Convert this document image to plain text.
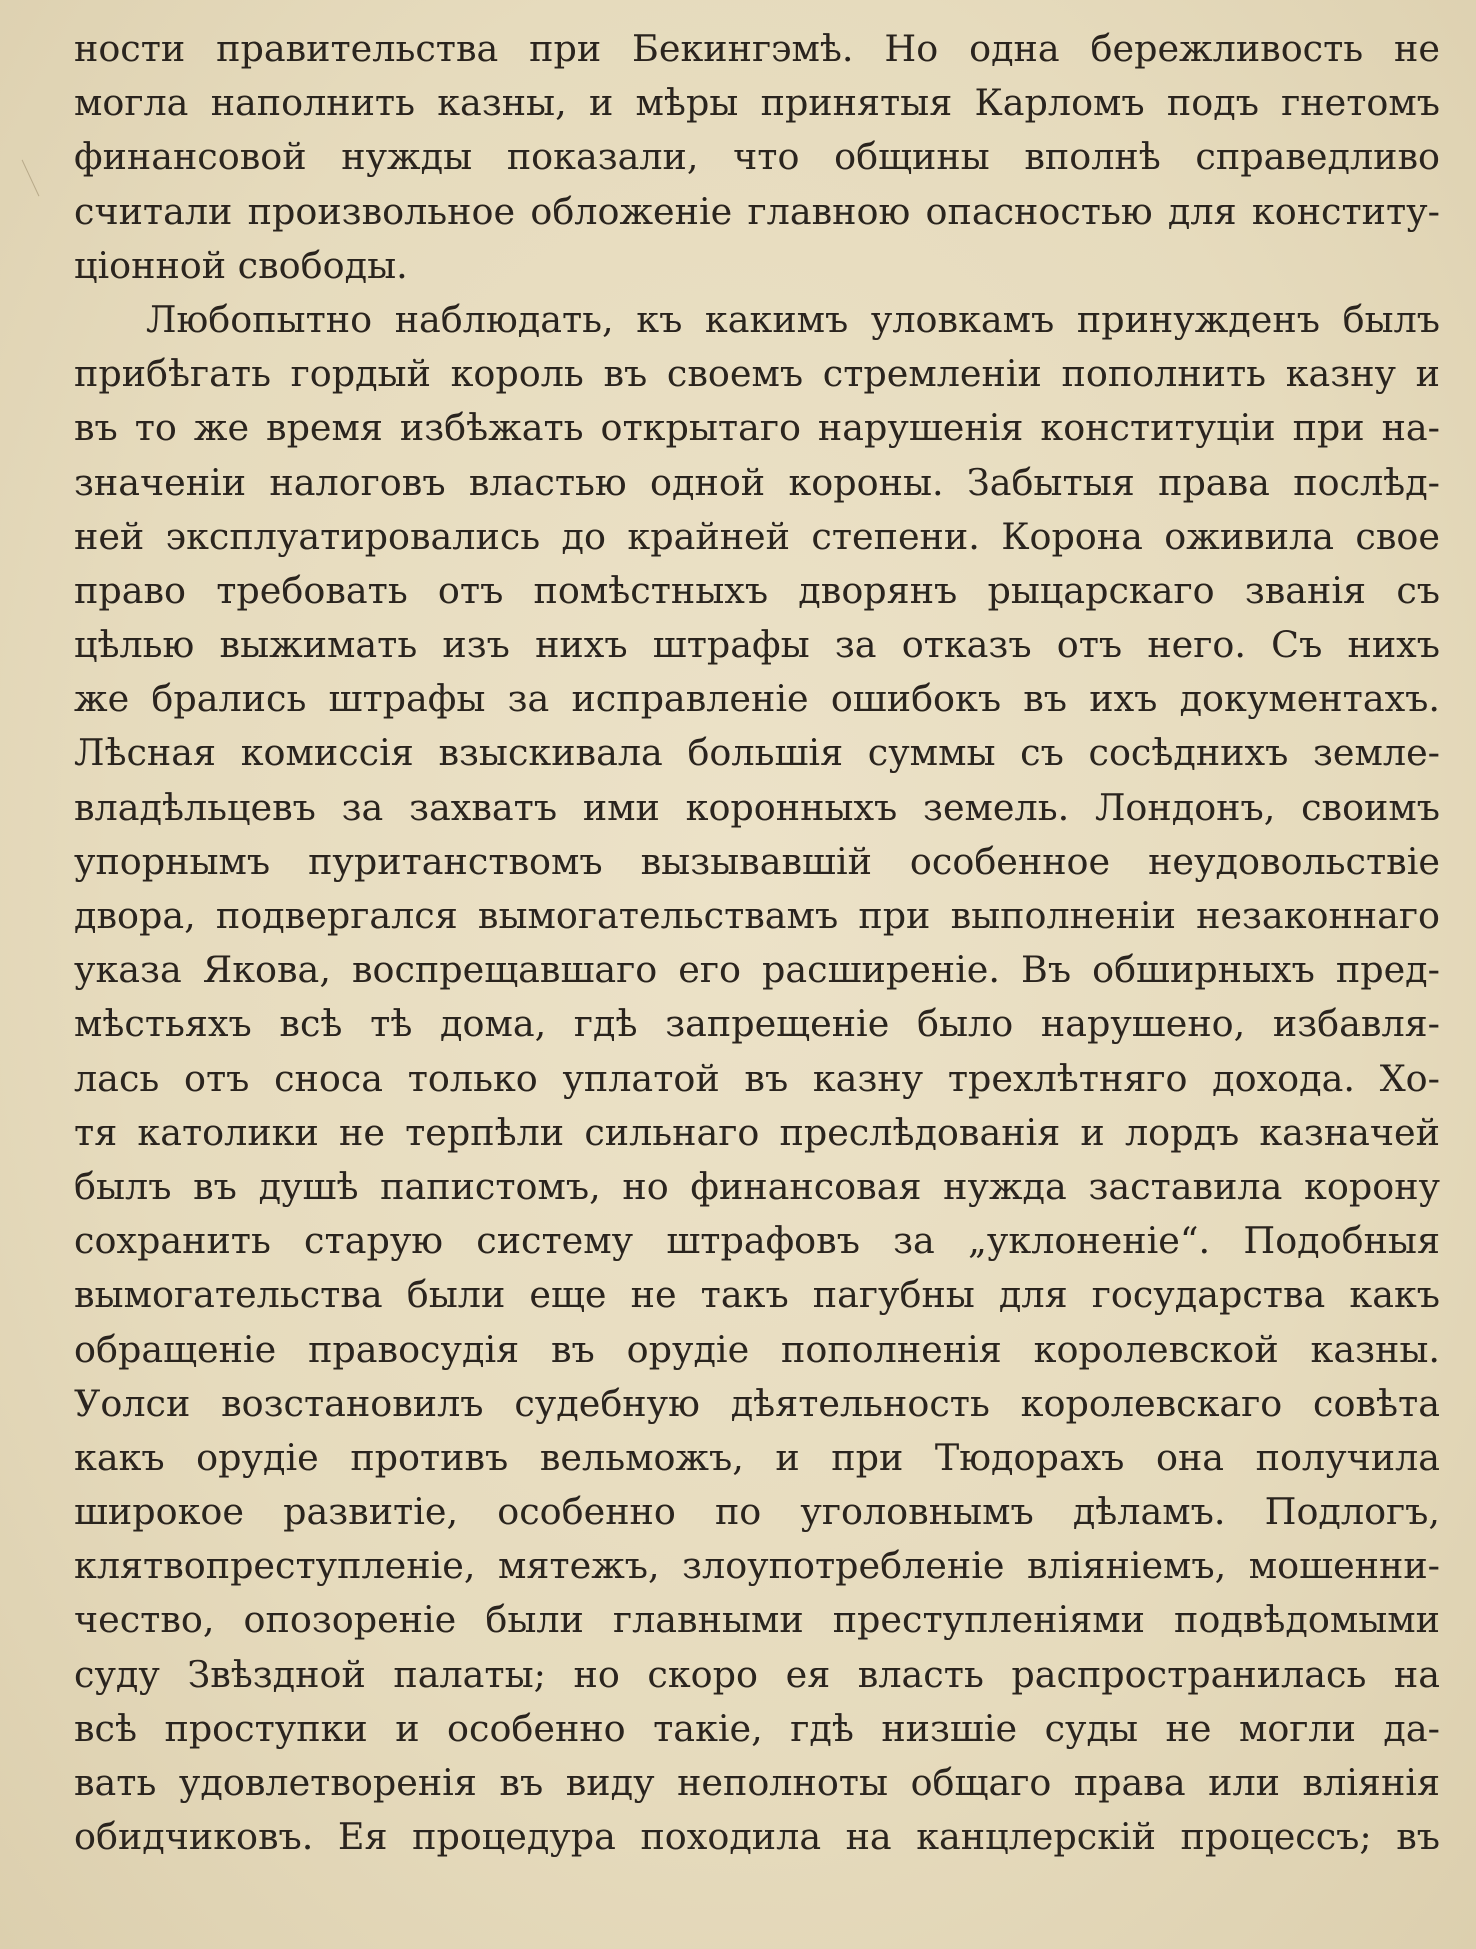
ности правительства при Бекингэмѣ. Но одна бережливость не
могла наполнить казны, и мѣры принятыя Карломъ подъ гнетомъ
финансовой нужды показали, что общины вполнѣ справедливо
считали произвольное обложеніе главною опасностью для конститу-
ціонной свободы.
Любопытно наблюдать, къ какимъ уловкамъ принужденъ былъ
прибѣгать гордый король въ своемъ стремленіи пополнить казну и
въ то же время избѣжать открытаго нарушенія конституціи при на-
значеніи налоговъ властью одной короны. Забытыя права послѣд-
ней эксплуатировались до крайней степени. Корона оживила свое
право требовать отъ помѣстныхъ дворянъ рыцарскаго званія съ
цѣлью выжимать изъ нихъ штрафы за отказъ отъ него. Съ нихъ
же брались штрафы за исправленіе ошибокъ въ ихъ документахъ.
Лѣсная комиссія взыскивала большія суммы съ сосѣднихъ земле-
владѣльцевъ за захватъ ими коронныхъ земель. Лондонъ, своимъ
упорнымъ пуританствомъ вызывавшій особенное неудовольствіе
двора, подвергался вымогательствамъ при выполненіи незаконнаго
указа Якова, воспрещавшаго его расширеніе. Въ обширныхъ пред-
мѣстьяхъ всѣ тѣ дома, гдѣ запрещеніе было нарушено, избавля-
лась отъ сноса только уплатой въ казну трехлѣтняго дохода. Хо-
тя католики не терпѣли сильнаго преслѣдованія и лордъ казначей
былъ въ душѣ папистомъ, но финансовая нужда заставила корону
сохранить старую систему штрафовъ за „уклоненіе“. Подобныя
вымогательства были еще не такъ пагубны для государства какъ
обращеніе правосудія въ орудіе пополненія королевской казны.
Уолси возстановилъ судебную дѣятельность королевскаго совѣта
какъ орудіе противъ вельможъ, и при Тюдорахъ она получила
широкое развитіе, особенно по уголовнымъ дѣламъ. Подлогъ,
клятвопреступленіе, мятежъ, злоупотребленіе вліяніемъ, мошенни-
чество, опозореніе были главными преступленіями подвѣдомыми
суду Звѣздной палаты; но скоро ея власть распространилась на
всѣ проступки и особенно такіе, гдѣ низшіе суды не могли да-
вать удовлетворенія въ виду неполноты общаго права или вліянія
обидчиковъ. Ея процедура походила на канцлерскій процессъ; въ
